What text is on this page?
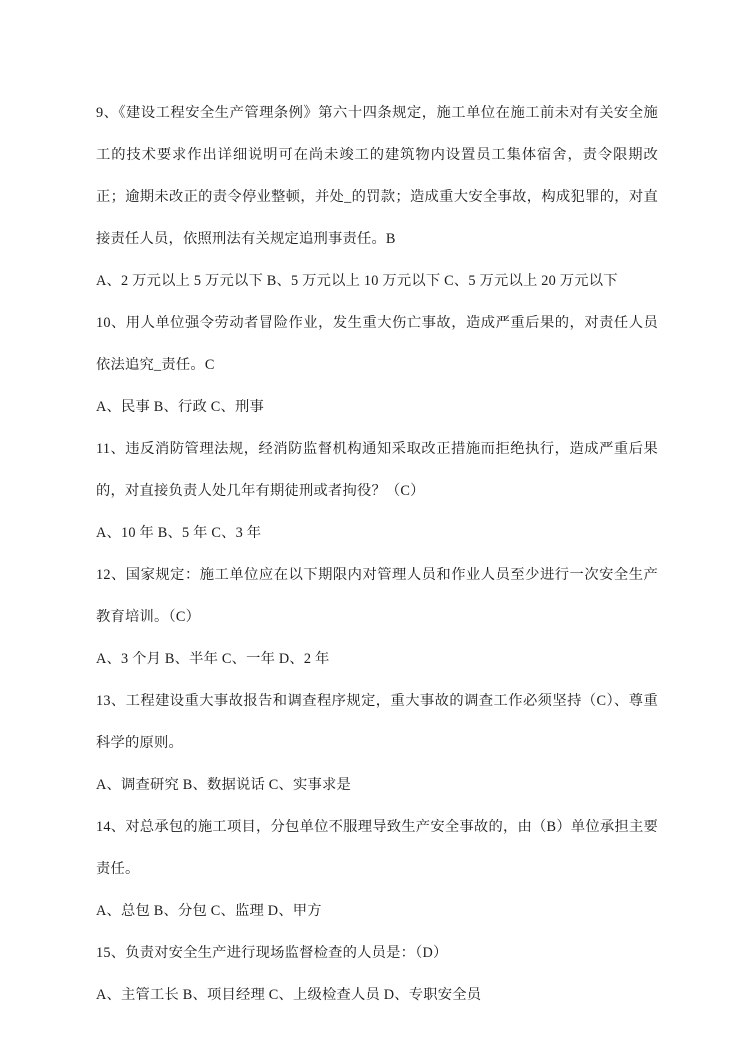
9、《建设工程安全生产管理条例》第六十四条规定，施工单位在施工前未对有关安全施工的技术要求作出详细说明可在尚未竣工的建筑物内设置员工集体宿舍，责令限期改正；逾期未改正的责令停业整顿，并处_的罚款；造成重大安全事故，构成犯罪的，对直接责任人员，依照刑法有关规定追刑事责任。B

A、2 万元以上 5 万元以下 B、5 万元以上 10 万元以下 C、5 万元以上 20 万元以下

10、用人单位强令劳动者冒险作业，发生重大伤亡事故，造成严重后果的，对责任人员依法追究_责任。C

A、民事 B、行政 C、刑事

11、违反消防管理法规，经消防监督机构通知采取改正措施而拒绝执行，造成严重后果的，对直接负责人处几年有期徒刑或者拘役？（C）

A、10 年 B、5 年 C、3 年

12、国家规定：施工单位应在以下期限内对管理人员和作业人员至少进行一次安全生产教育培训。（C）

A、3 个月 B、半年 C、一年 D、2 年

13、工程建设重大事故报告和调查程序规定，重大事故的调查工作必须坚持（C）、尊重科学的原则。

A、调查研究 B、数据说话 C、实事求是

14、对总承包的施工项目，分包单位不服理导致生产安全事故的，由（B）单位承担主要责任。

A、总包 B、分包 C、监理 D、甲方

15、负责对安全生产进行现场监督检查的人员是：（D）

A、主管工长 B、项目经理 C、上级检查人员 D、专职安全员
